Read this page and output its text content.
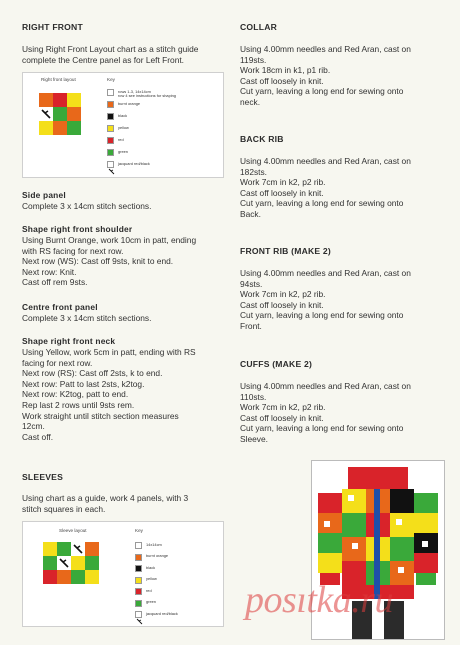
RIGHT FRONT

Using Right Front Layout chart as a stitch guide
complete the Centre panel as for Left Front.

Right front layout	Key
rows 1-3, 14x14cm
row 4 see instructions for shaping
burnt orange
black
yellow
red
green
jacquard red/black
Side panel

Complete 3 x 14cm stitch sections.

Shape right front shoulder

Using Burnt Orange, work 10cm in patt, ending
with RS facing for next row.
Next row (WS): Cast off 9sts, knit to end.
Next row: Knit.
Cast off rem 9sts.

Centre front panel

Complete 3 x 14cm stitch sections.

Shape right front neck

Using Yellow, work 5cm in patt, ending with RS
facing for next row.
Next row (RS): Cast off 2sts, k to end.
Next row: Patt to last 2sts, k2tog.
Next row: K2tog, patt to end.
Rep last 2 rows until 9sts rem.
Work straight until stitch section measures
12cm.
Cast off.

SLEEVES

Using chart as a guide, work 4 panels, with 3
stitch squares in each.

Sleeve layout	Key
14x14cm
burnt orange
black
yellow
red
green
jacquard red/black
COLLAR

Using 4.00mm needles and Red Aran, cast on
119sts.
Work 18cm in k1, p1 rib.
Cast off loosely in knit.
Cut yarn, leaving a long end for sewing onto
neck.

BACK RIB

Using 4.00mm needles and Red Aran, cast on
182sts.
Work 7cm in k2, p2 rib.
Cast off loosely in knit.
Cut yarn, leaving a long end for sewing onto
Back.

FRONT RIB (MAKE 2)

Using 4.00mm needles and Red Aran, cast on
94sts.
Work 7cm in k2, p2 rib.
Cast off loosely in knit.
Cut yarn, leaving a long end for sewing onto
Front.

CUFFS (MAKE 2)

Using 4.00mm needles and Red Aran, cast on
110sts.
Work 7cm in k2, p2 rib.
Cast off loosely in knit.
Cut yarn, leaving a long end for sewing onto
Sleeve.

posıtka.ru
